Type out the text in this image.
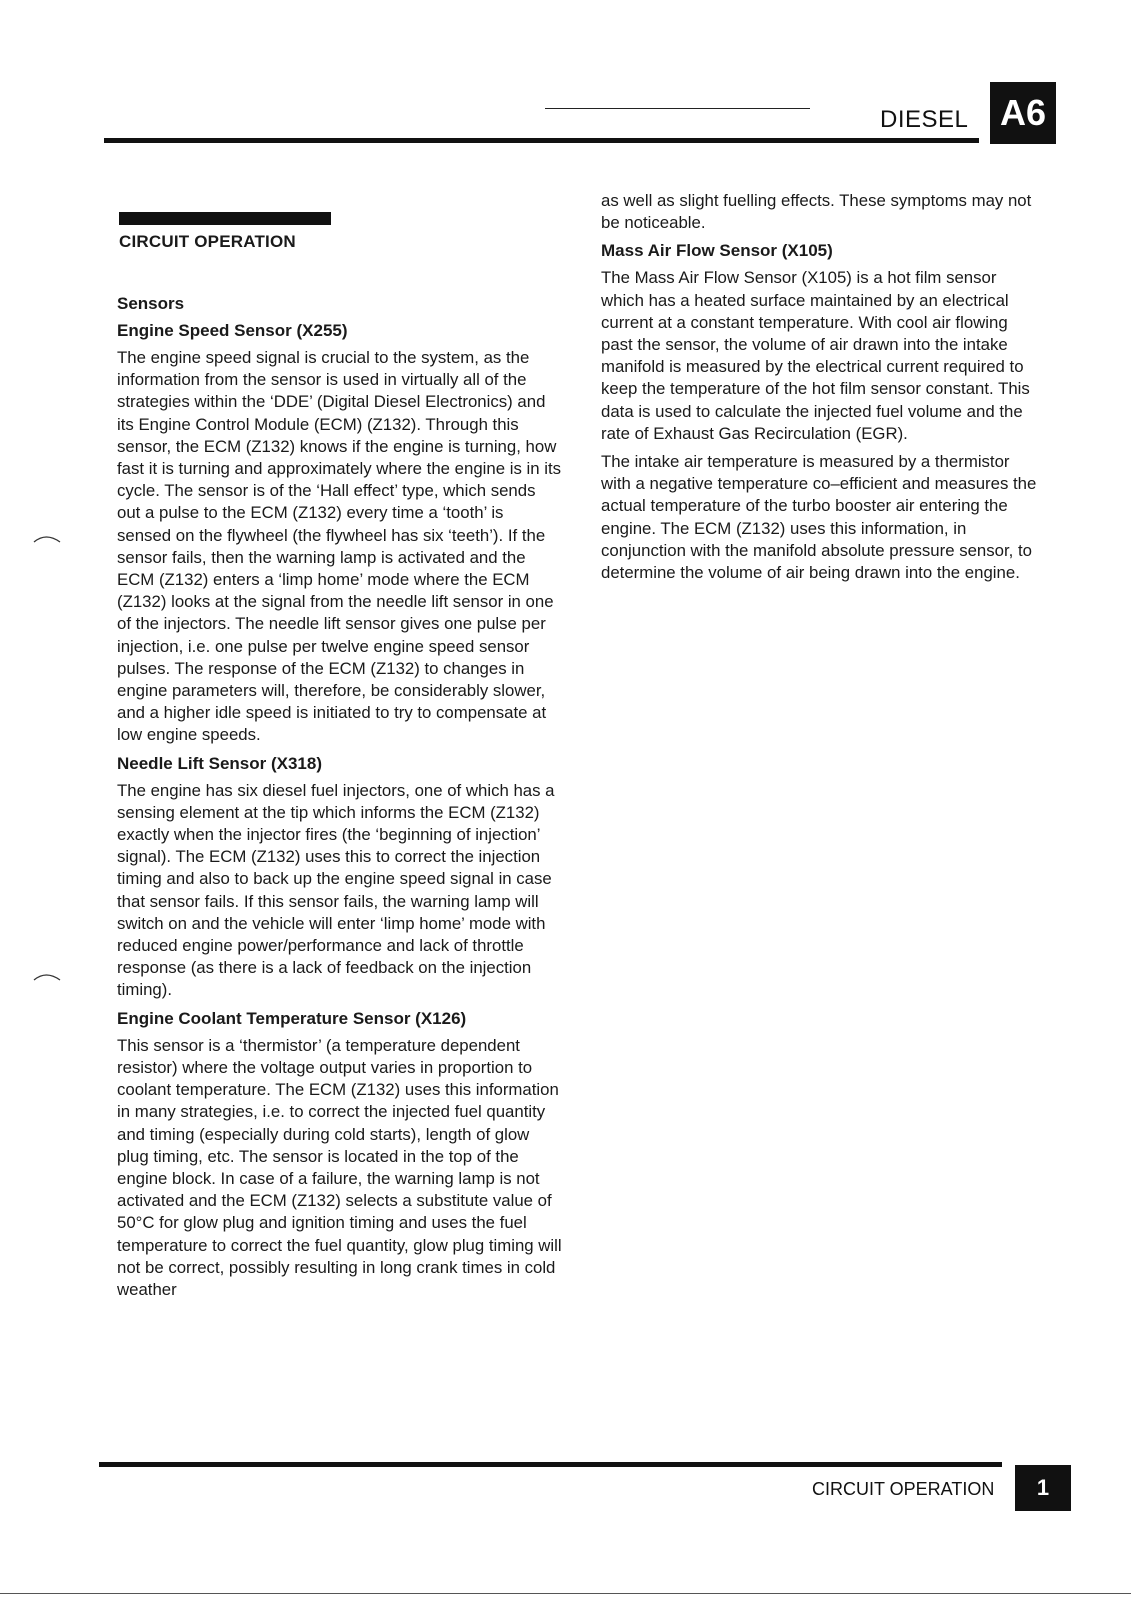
DIESEL A6
CIRCUIT OPERATION
Sensors
Engine Speed Sensor (X255)

The engine speed signal is crucial to the system, as the information from the sensor is used in virtually all of the strategies within the ‘DDE’ (Digital Diesel Electronics) and its Engine Control Module (ECM) (Z132). Through this sensor, the ECM (Z132) knows if the engine is turning, how fast it is turning and approximately where the engine is in its cycle. The sensor is of the ‘Hall effect’ type, which sends out a pulse to the ECM (Z132) every time a ‘tooth’ is sensed on the flywheel (the flywheel has six ‘teeth’). If the sensor fails, then the warning lamp is activated and the ECM (Z132) enters a ‘limp home’ mode where the ECM (Z132) looks at the signal from the needle lift sensor in one of the injectors. The needle lift sensor gives one pulse per injection, i.e. one pulse per twelve engine speed sensor pulses. The response of the ECM (Z132) to changes in engine parameters will, therefore, be considerably slower, and a higher idle speed is initiated to try to compensate at low engine speeds.

Needle Lift Sensor (X318)

The engine has six diesel fuel injectors, one of which has a sensing element at the tip which informs the ECM (Z132) exactly when the injector fires (the ‘beginning of injection’ signal). The ECM (Z132) uses this to correct the injection timing and also to back up the engine speed signal in case that sensor fails. If this sensor fails, the warning lamp will switch on and the vehicle will enter ‘limp home’ mode with reduced engine power/performance and lack of throttle response (as there is a lack of feedback on the injection timing).

Engine Coolant Temperature Sensor (X126)

This sensor is a ‘thermistor’ (a temperature dependent resistor) where the voltage output varies in proportion to coolant temperature. The ECM (Z132) uses this information in many strategies, i.e. to correct the injected fuel quantity and timing (especially during cold starts), length of glow plug timing, etc. The sensor is located in the top of the engine block. In case of a failure, the warning lamp is not activated and the ECM (Z132) selects a substitute value of 50°C for glow plug and ignition timing and uses the fuel temperature to correct the fuel quantity, glow plug timing will not be correct, possibly resulting in long crank times in cold weather

as well as slight fuelling effects. These symptoms may not be noticeable.

Mass Air Flow Sensor (X105)

The Mass Air Flow Sensor (X105) is a hot film sensor which has a heated surface maintained by an electrical current at a constant temperature. With cool air flowing past the sensor, the volume of air drawn into the intake manifold is measured by the electrical current required to keep the temperature of the hot film sensor constant. This data is used to calculate the injected fuel volume and the rate of Exhaust Gas Recirculation (EGR).

The intake air temperature is measured by a thermistor with a negative temperature co–efficient and measures the actual temperature of the turbo booster air entering the engine. The ECM (Z132) uses this information, in conjunction with the manifold absolute pressure sensor, to determine the volume of air being drawn into the engine.

CIRCUIT OPERATION	1
